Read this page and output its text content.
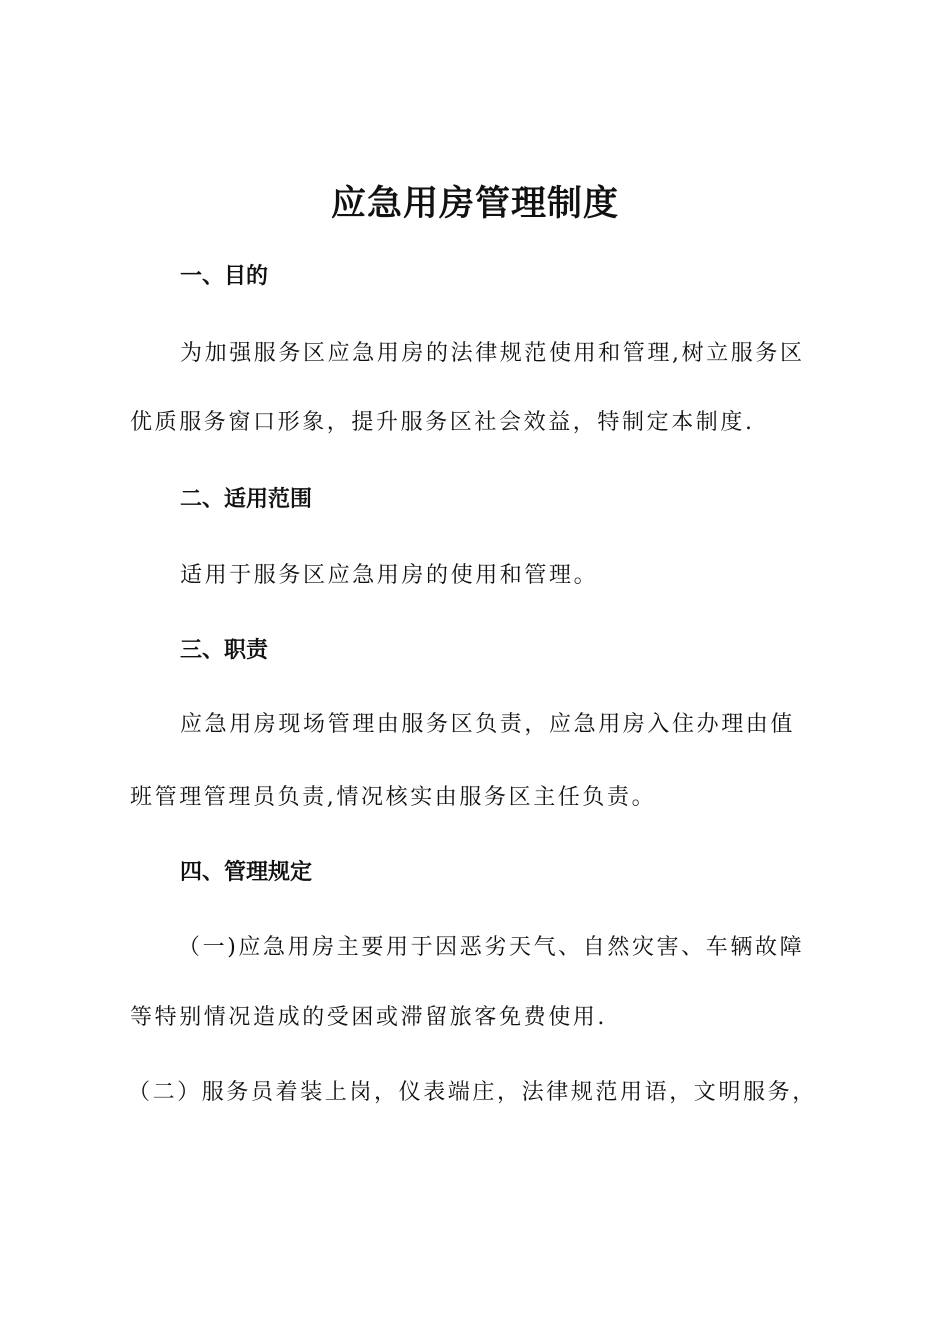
应急用房管理制度
一、目的

为加强服务区应急用房的法律规范使用和管理,树立服务区

优质服务窗口形象，提升服务区社会效益，特制定本制度.

二、适用范围

适用于服务区应急用房的使用和管理。

三、职责

应急用房现场管理由服务区负责，应急用房入住办理由值

班管理管理员负责,情况核实由服务区主任负责。

四、管理规定

（一)应急用房主要用于因恶劣天气、自然灾害、车辆故障

等特别情况造成的受困或滞留旅客免费使用.

（二）服务员着装上岗，仪表端庄，法律规范用语，文明服务，
